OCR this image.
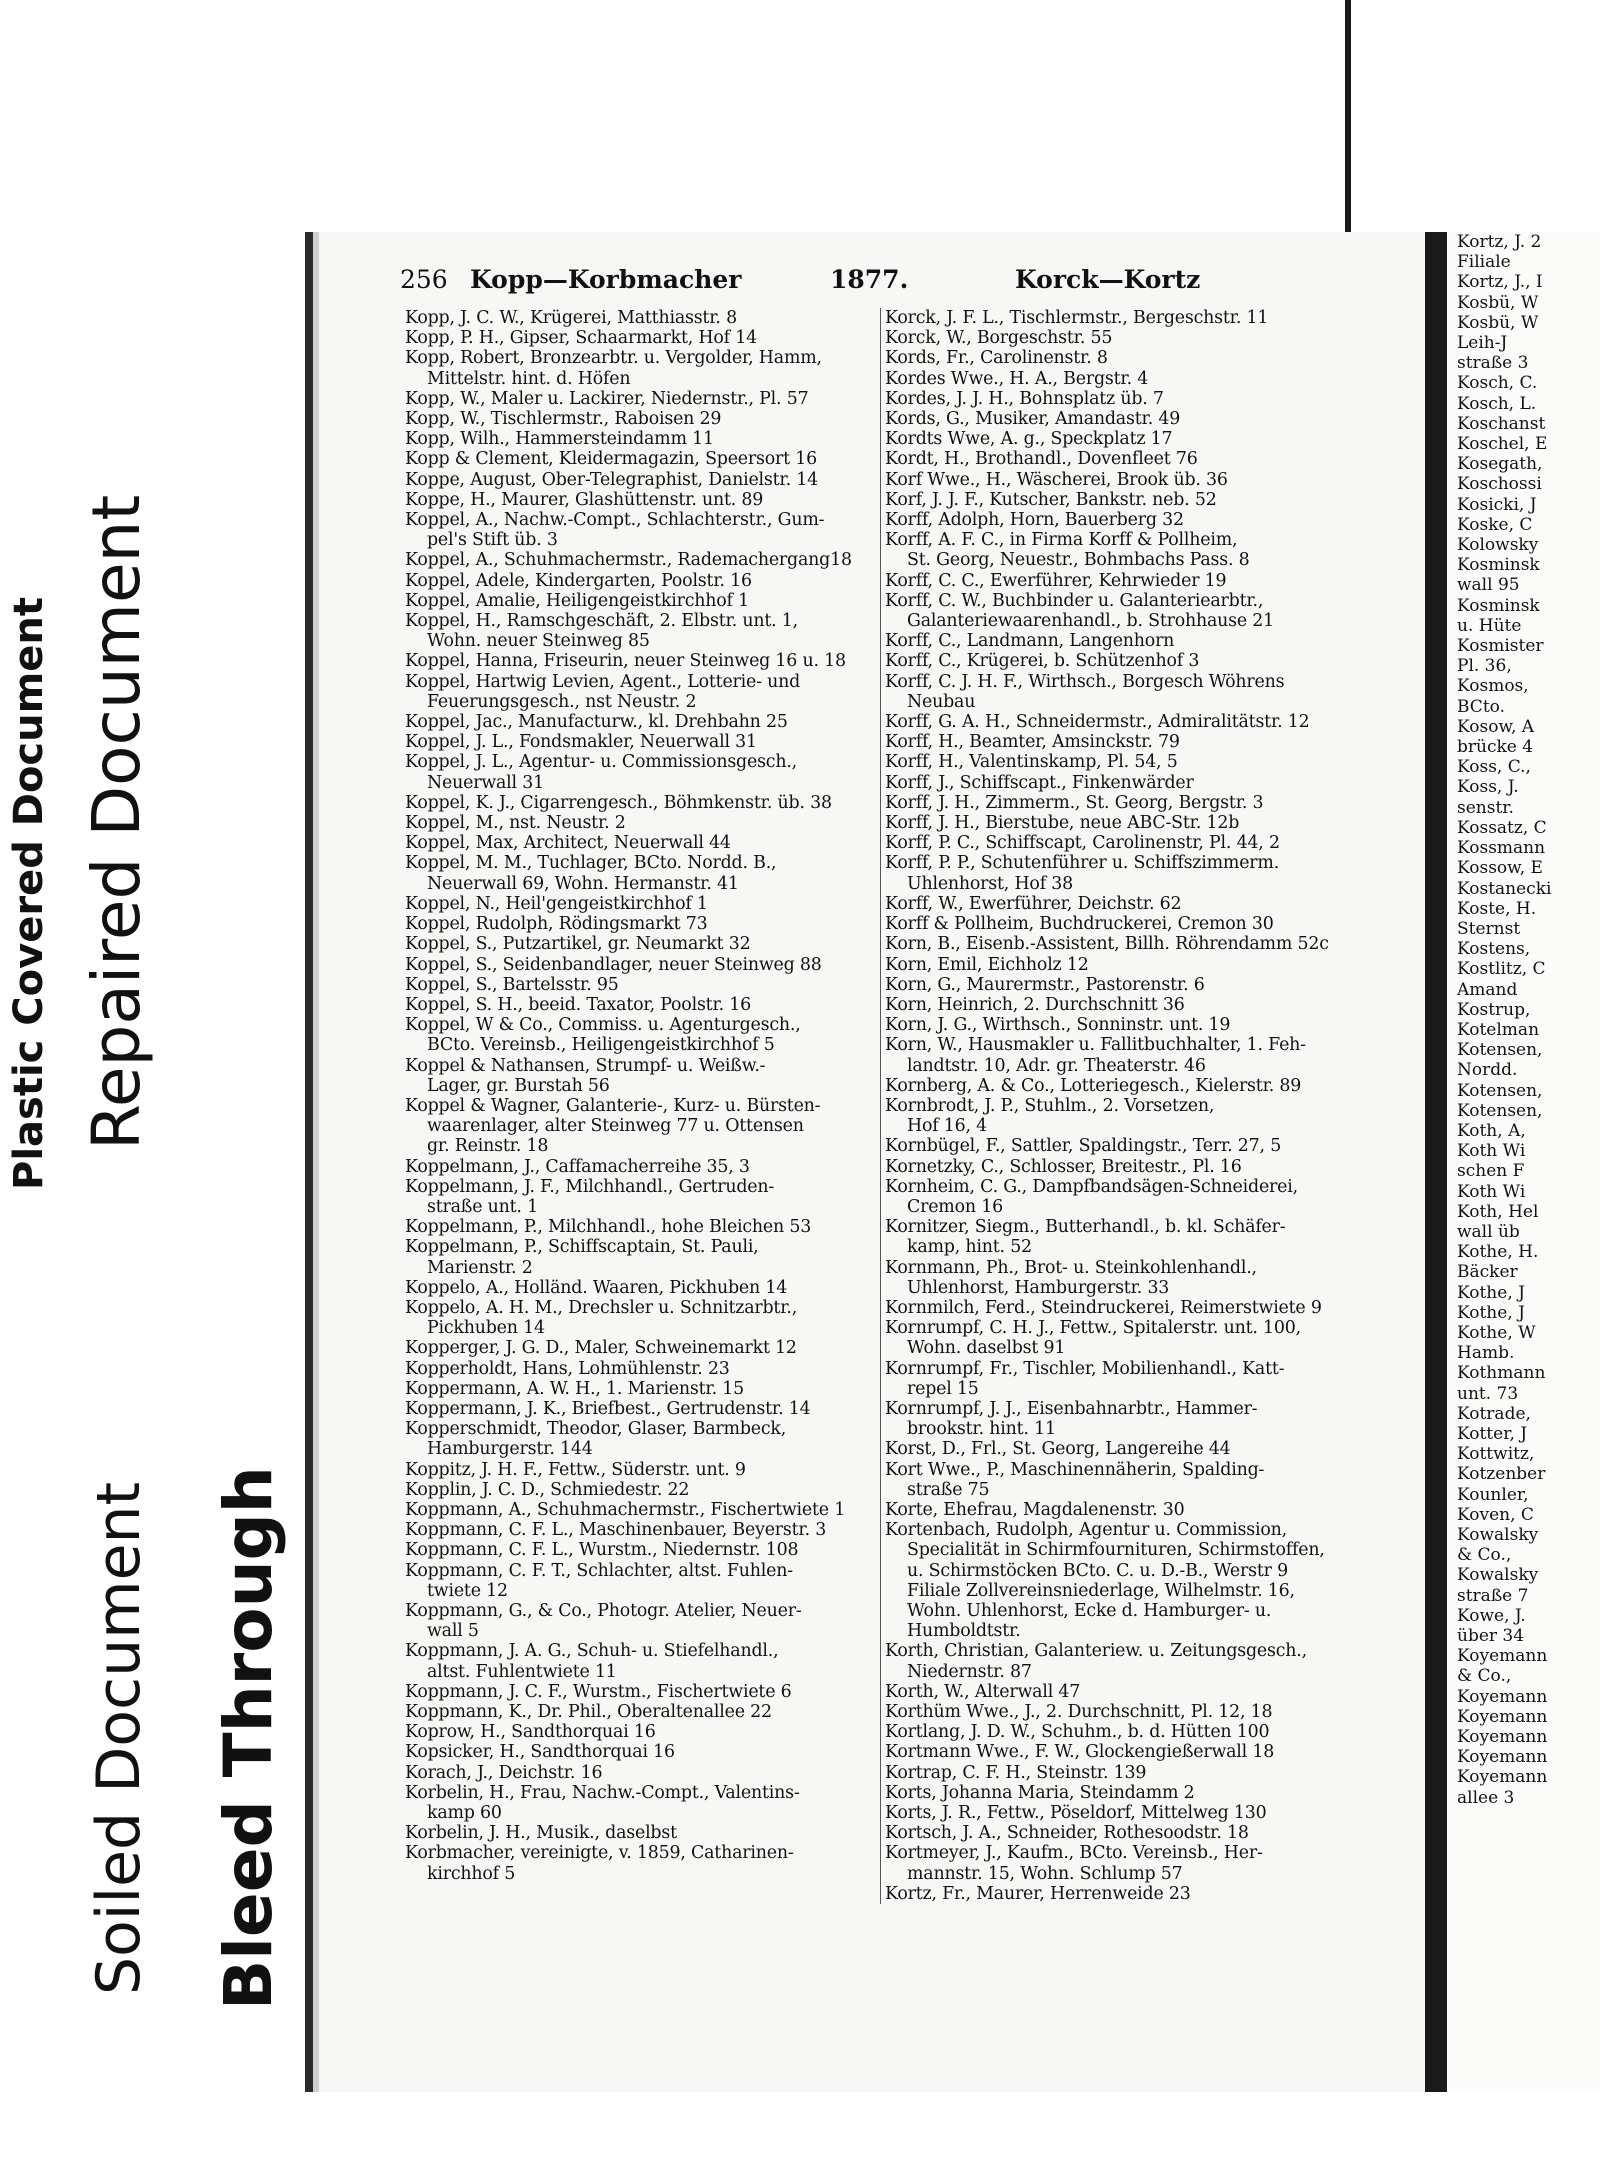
Plastic Covered Document Repaired Document
Soiled Document Bleed Through
Kortz, J. 2
Filiale
Kortz, J., I
Kosbü, W
Kosbü, W
Leih-J
straße 3
Kosch, C.
Kosch, L.
Koschanst
Koschel, E
Kosegath,
Koschossi
Kosicki, J
Koske, C
Kolowsky
Kosminsk
wall 95
Kosminsk
u. Hüte
Kosmister
Pl. 36,
Kosmos,
BCto.
Kosow, A
brücke 4
Koss, C.,
Koss, J.
senstr.
Kossatz, C
Kossmann
Kossow, E
Kostanecki
Koste, H.
Sternst
Kostens,
Kostlitz, C
Amand
Kostrup,
Kotelman
Kotensen,
Nordd.
Kotensen,
Kotensen,
Koth, A,
Koth Wi
schen F
Koth Wi
Koth, Hel
wall üb
Kothe, H.
Bäcker
Kothe, J
Kothe, J
Kothe, W
Hamb.
Kothmann
unt. 73
Kotrade,
Kotter, J
Kottwitz,
Kotzenber
Kounler,
Koven, C
Kowalsky
& Co.,
Kowalsky
straße 7
Kowe, J.
über 34
Koyemann
& Co.,
Koyemann
Koyemann
Koyemann
Koyemann
Koyemann
allee 3
256 Kopp—Korbmacher	1877.	Korck—Kortz
Kopp, J. C. W., Krügerei, Matthiasstr. 8
Kopp, P. H., Gipser, Schaarmarkt, Hof 14
Kopp, Robert, Bronzearbtr. u. Vergolder, Hamm,
Mittelstr. hint. d. Höfen
Kopp, W., Maler u. Lackirer, Niedernstr., Pl. 57
Kopp, W., Tischlermstr., Raboisen 29
Kopp, Wilh., Hammersteindamm 11
Kopp & Clement, Kleidermagazin, Speersort 16
Koppe, August, Ober-Telegraphist, Danielstr. 14
Koppe, H., Maurer, Glashüttenstr. unt. 89
Koppel, A., Nachw.-Compt., Schlachterstr., Gum-
pel's Stift üb. 3
Koppel, A., Schuhmachermstr., Rademachergang18
Koppel, Adele, Kindergarten, Poolstr. 16
Koppel, Amalie, Heiligengeistkirchhof 1
Koppel, H., Ramschgeschäft, 2. Elbstr. unt. 1,
Wohn. neuer Steinweg 85
Koppel, Hanna, Friseurin, neuer Steinweg 16 u. 18
Koppel, Hartwig Levien, Agent., Lotterie- und
Feuerungsgesch., nst Neustr. 2
Koppel, Jac., Manufacturw., kl. Drehbahn 25
Koppel, J. L., Fondsmakler, Neuerwall 31
Koppel, J. L., Agentur- u. Commissionsgesch.,
Neuerwall 31
Koppel, K. J., Cigarrengesch., Böhmkenstr. üb. 38
Koppel, M., nst. Neustr. 2
Koppel, Max, Architect, Neuerwall 44
Koppel, M. M., Tuchlager, BCto. Nordd. B.,
Neuerwall 69, Wohn. Hermanstr. 41
Koppel, N., Heil'gengeistkirchhof 1
Koppel, Rudolph, Rödingsmarkt 73
Koppel, S., Putzartikel, gr. Neumarkt 32
Koppel, S., Seidenbandlager, neuer Steinweg 88
Koppel, S., Bartelsstr. 95
Koppel, S. H., beeid. Taxator, Poolstr. 16
Koppel, W & Co., Commiss. u. Agenturgesch.,
BCto. Vereinsb., Heiligengeistkirchhof 5
Koppel & Nathansen, Strumpf- u. Weißw.-
Lager, gr. Burstah 56
Koppel & Wagner, Galanterie-, Kurz- u. Bürsten-
waarenlager, alter Steinweg 77 u. Ottensen
gr. Reinstr. 18
Koppelmann, J., Caffamacherreihe 35, 3
Koppelmann, J. F., Milchhandl., Gertruden-
straße unt. 1
Koppelmann, P., Milchhandl., hohe Bleichen 53
Koppelmann, P., Schiffscaptain, St. Pauli,
Marienstr. 2
Koppelo, A., Holländ. Waaren, Pickhuben 14
Koppelo, A. H. M., Drechsler u. Schnitzarbtr.,
Pickhuben 14
Kopperger, J. G. D., Maler, Schweinemarkt 12
Kopperholdt, Hans, Lohmühlenstr. 23
Koppermann, A. W. H., 1. Marienstr. 15
Koppermann, J. K., Briefbest., Gertrudenstr. 14
Kopperschmidt, Theodor, Glaser, Barmbeck,
Hamburgerstr. 144
Koppitz, J. H. F., Fettw., Süderstr. unt. 9
Kopplin, J. C. D., Schmiedestr. 22
Koppmann, A., Schuhmachermstr., Fischertwiete 1
Koppmann, C. F. L., Maschinenbauer, Beyerstr. 3
Koppmann, C. F. L., Wurstm., Niedernstr. 108
Koppmann, C. F. T., Schlachter, altst. Fuhlen-
twiete 12
Koppmann, G., & Co., Photogr. Atelier, Neuer-
wall 5
Koppmann, J. A. G., Schuh- u. Stiefelhandl.,
altst. Fuhlentwiete 11
Koppmann, J. C. F., Wurstm., Fischertwiete 6
Koppmann, K., Dr. Phil., Oberaltenallee 22
Koprow, H., Sandthorquai 16
Kopsicker, H., Sandthorquai 16
Korach, J., Deichstr. 16
Korbelin, H., Frau, Nachw.-Compt., Valentins-
kamp 60
Korbelin, J. H., Musik., daselbst
Korbmacher, vereinigte, v. 1859, Catharinen-
kirchhof 5
Korck, J. F. L., Tischlermstr., Bergeschstr. 11
Korck, W., Borgeschstr. 55
Kords, Fr., Carolinenstr. 8
Kordes Wwe., H. A., Bergstr. 4
Kordes, J. J. H., Bohnsplatz üb. 7
Kords, G., Musiker, Amandastr. 49
Kordts Wwe, A. g., Speckplatz 17
Kordt, H., Brothandl., Dovenfleet 76
Korf Wwe., H., Wäscherei, Brook üb. 36
Korf, J. J. F., Kutscher, Bankstr. neb. 52
Korff, Adolph, Horn, Bauerberg 32
Korff, A. F. C., in Firma Korff & Pollheim,
St. Georg, Neuestr., Bohmbachs Pass. 8
Korff, C. C., Ewerführer, Kehrwieder 19
Korff, C. W., Buchbinder u. Galanteriearbtr.,
Galanteriewaarenhandl., b. Strohhause 21
Korff, C., Landmann, Langenhorn
Korff, C., Krügerei, b. Schützenhof 3
Korff, C. J. H. F., Wirthsch., Borgesch Wöhrens
Neubau
Korff, G. A. H., Schneidermstr., Admiralitätstr. 12
Korff, H., Beamter, Amsinckstr. 79
Korff, H., Valentinskamp, Pl. 54, 5
Korff, J., Schiffscapt., Finkenwärder
Korff, J. H., Zimmerm., St. Georg, Bergstr. 3
Korff, J. H., Bierstube, neue ABC-Str. 12b
Korff, P. C., Schiffscapt, Carolinenstr, Pl. 44, 2
Korff, P. P., Schutenführer u. Schiffszimmerm.
Uhlenhorst, Hof 38
Korff, W., Ewerführer, Deichstr. 62
Korff & Pollheim, Buchdruckerei, Cremon 30
Korn, B., Eisenb.-Assistent, Billh. Röhrendamm 52c
Korn, Emil, Eichholz 12
Korn, G., Maurermstr., Pastorenstr. 6
Korn, Heinrich, 2. Durchschnitt 36
Korn, J. G., Wirthsch., Sonninstr. unt. 19
Korn, W., Hausmakler u. Fallitbuchhalter, 1. Feh-
landtstr. 10, Adr. gr. Theaterstr. 46
Kornberg, A. & Co., Lotteriegesch., Kielerstr. 89
Kornbrodt, J. P., Stuhlm., 2. Vorsetzen,
Hof 16, 4
Kornbügel, F., Sattler, Spaldingstr., Terr. 27, 5
Kornetzky, C., Schlosser, Breitestr., Pl. 16
Kornheim, C. G., Dampfbandsägen-Schneiderei,
Cremon 16
Kornitzer, Siegm., Butterhandl., b. kl. Schäfer-
kamp, hint. 52
Kornmann, Ph., Brot- u. Steinkohlenhandl.,
Uhlenhorst, Hamburgerstr. 33
Kornmilch, Ferd., Steindruckerei, Reimerstwiete 9
Kornrumpf, C. H. J., Fettw., Spitalerstr. unt. 100,
Wohn. daselbst 91
Kornrumpf, Fr., Tischler, Mobilienhandl., Katt-
repel 15
Kornrumpf, J. J., Eisenbahnarbtr., Hammer-
brookstr. hint. 11
Korst, D., Frl., St. Georg, Langereihe 44
Kort Wwe., P., Maschinennäherin, Spalding-
straße 75
Korte, Ehefrau, Magdalenenstr. 30
Kortenbach, Rudolph, Agentur u. Commission,
Specialität in Schirmfournituren, Schirmstoffen,
u. Schirmstöcken BCto. C. u. D.-B., Werstr 9
Filiale Zollvereinsniederlage, Wilhelmstr. 16,
Wohn. Uhlenhorst, Ecke d. Hamburger- u.
Humboldtstr.
Korth, Christian, Galanteriew. u. Zeitungsgesch.,
Niedernstr. 87
Korth, W., Alterwall 47
Korthüm Wwe., J., 2. Durchschnitt, Pl. 12, 18
Kortlang, J. D. W., Schuhm., b. d. Hütten 100
Kortmann Wwe., F. W., Glockengießerwall 18
Kortrap, C. F. H., Steinstr. 139
Korts, Johanna Maria, Steindamm 2
Korts, J. R., Fettw., Pöseldorf, Mittelweg 130
Kortsch, J. A., Schneider, Rothesoodstr. 18
Kortmeyer, J., Kaufm., BCto. Vereinsb., Her-
mannstr. 15, Wohn. Schlump 57
Kortz, Fr., Maurer, Herrenweide 23
